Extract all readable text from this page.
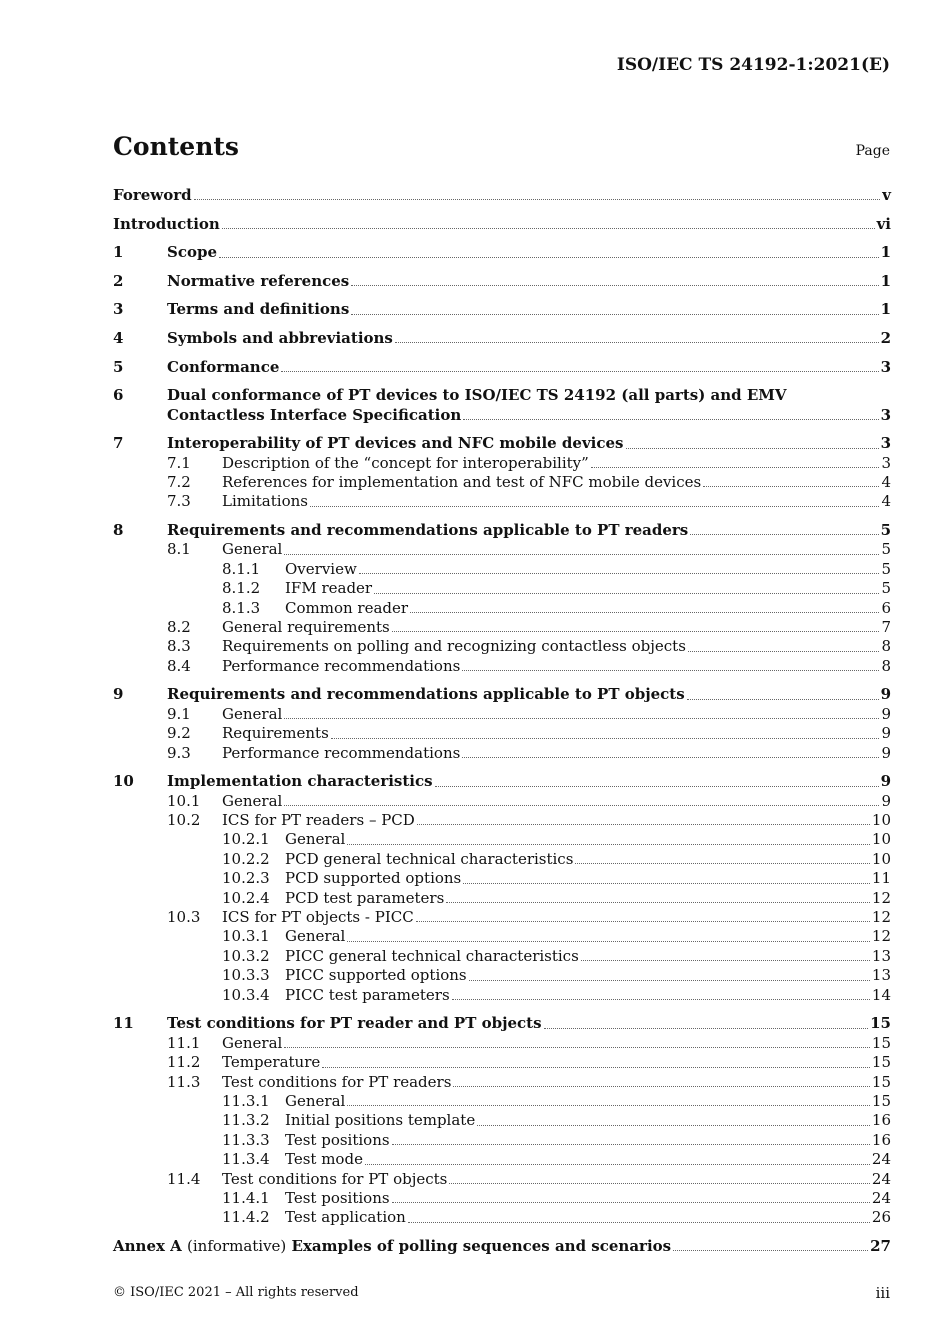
ISO/IEC TS 24192-1:2021(E)
Contents	Page
Foreword	v
Introduction	vi
1	Scope	1
2	Normative references	1
3	Terms and definitions	1
4	Symbols and abbreviations	2
5	Conformance	3
6	Dual conformance of PT devices to ISO/IEC TS 24192 (all parts) and EMV
Contactless Interface Specification	3
7	Interoperability of PT devices and NFC mobile devices	3
7.1	Description of the “concept for interoperability”	3
7.2	References for implementation and test of NFC mobile devices	4
7.3	Limitations	4
8	Requirements and recommendations applicable to PT readers	5
8.1	General	5
8.1.1	Overview	5
8.1.2	IFM reader	5
8.1.3	Common reader	6
8.2	General requirements	7
8.3	Requirements on polling and recognizing contactless objects	8
8.4	Performance recommendations	8
9	Requirements and recommendations applicable to PT objects	9
9.1	General	9
9.2	Requirements	9
9.3	Performance recommendations	9
10	Implementation characteristics	9
10.1	General	9
10.2	ICS for PT readers – PCD	10
10.2.1	General	10
10.2.2	PCD general technical characteristics	10
10.2.3	PCD supported options	11
10.2.4	PCD test parameters	12
10.3	ICS for PT objects - PICC	12
10.3.1	General	12
10.3.2	PICC general technical characteristics	13
10.3.3	PICC supported options	13
10.3.4	PICC test parameters	14
11	Test conditions for PT reader and PT objects	15
11.1	General	15
11.2	Temperature	15
11.3	Test conditions for PT readers	15
11.3.1	General	15
11.3.2	Initial positions template	16
11.3.3	Test positions	16
11.3.4	Test mode	24
11.4	Test conditions for PT objects	24
11.4.1	Test positions	24
11.4.2	Test application	26
Annex A (informative) Examples of polling sequences and scenarios	27
© ISO/IEC 2021 – All rights reserved	iii
